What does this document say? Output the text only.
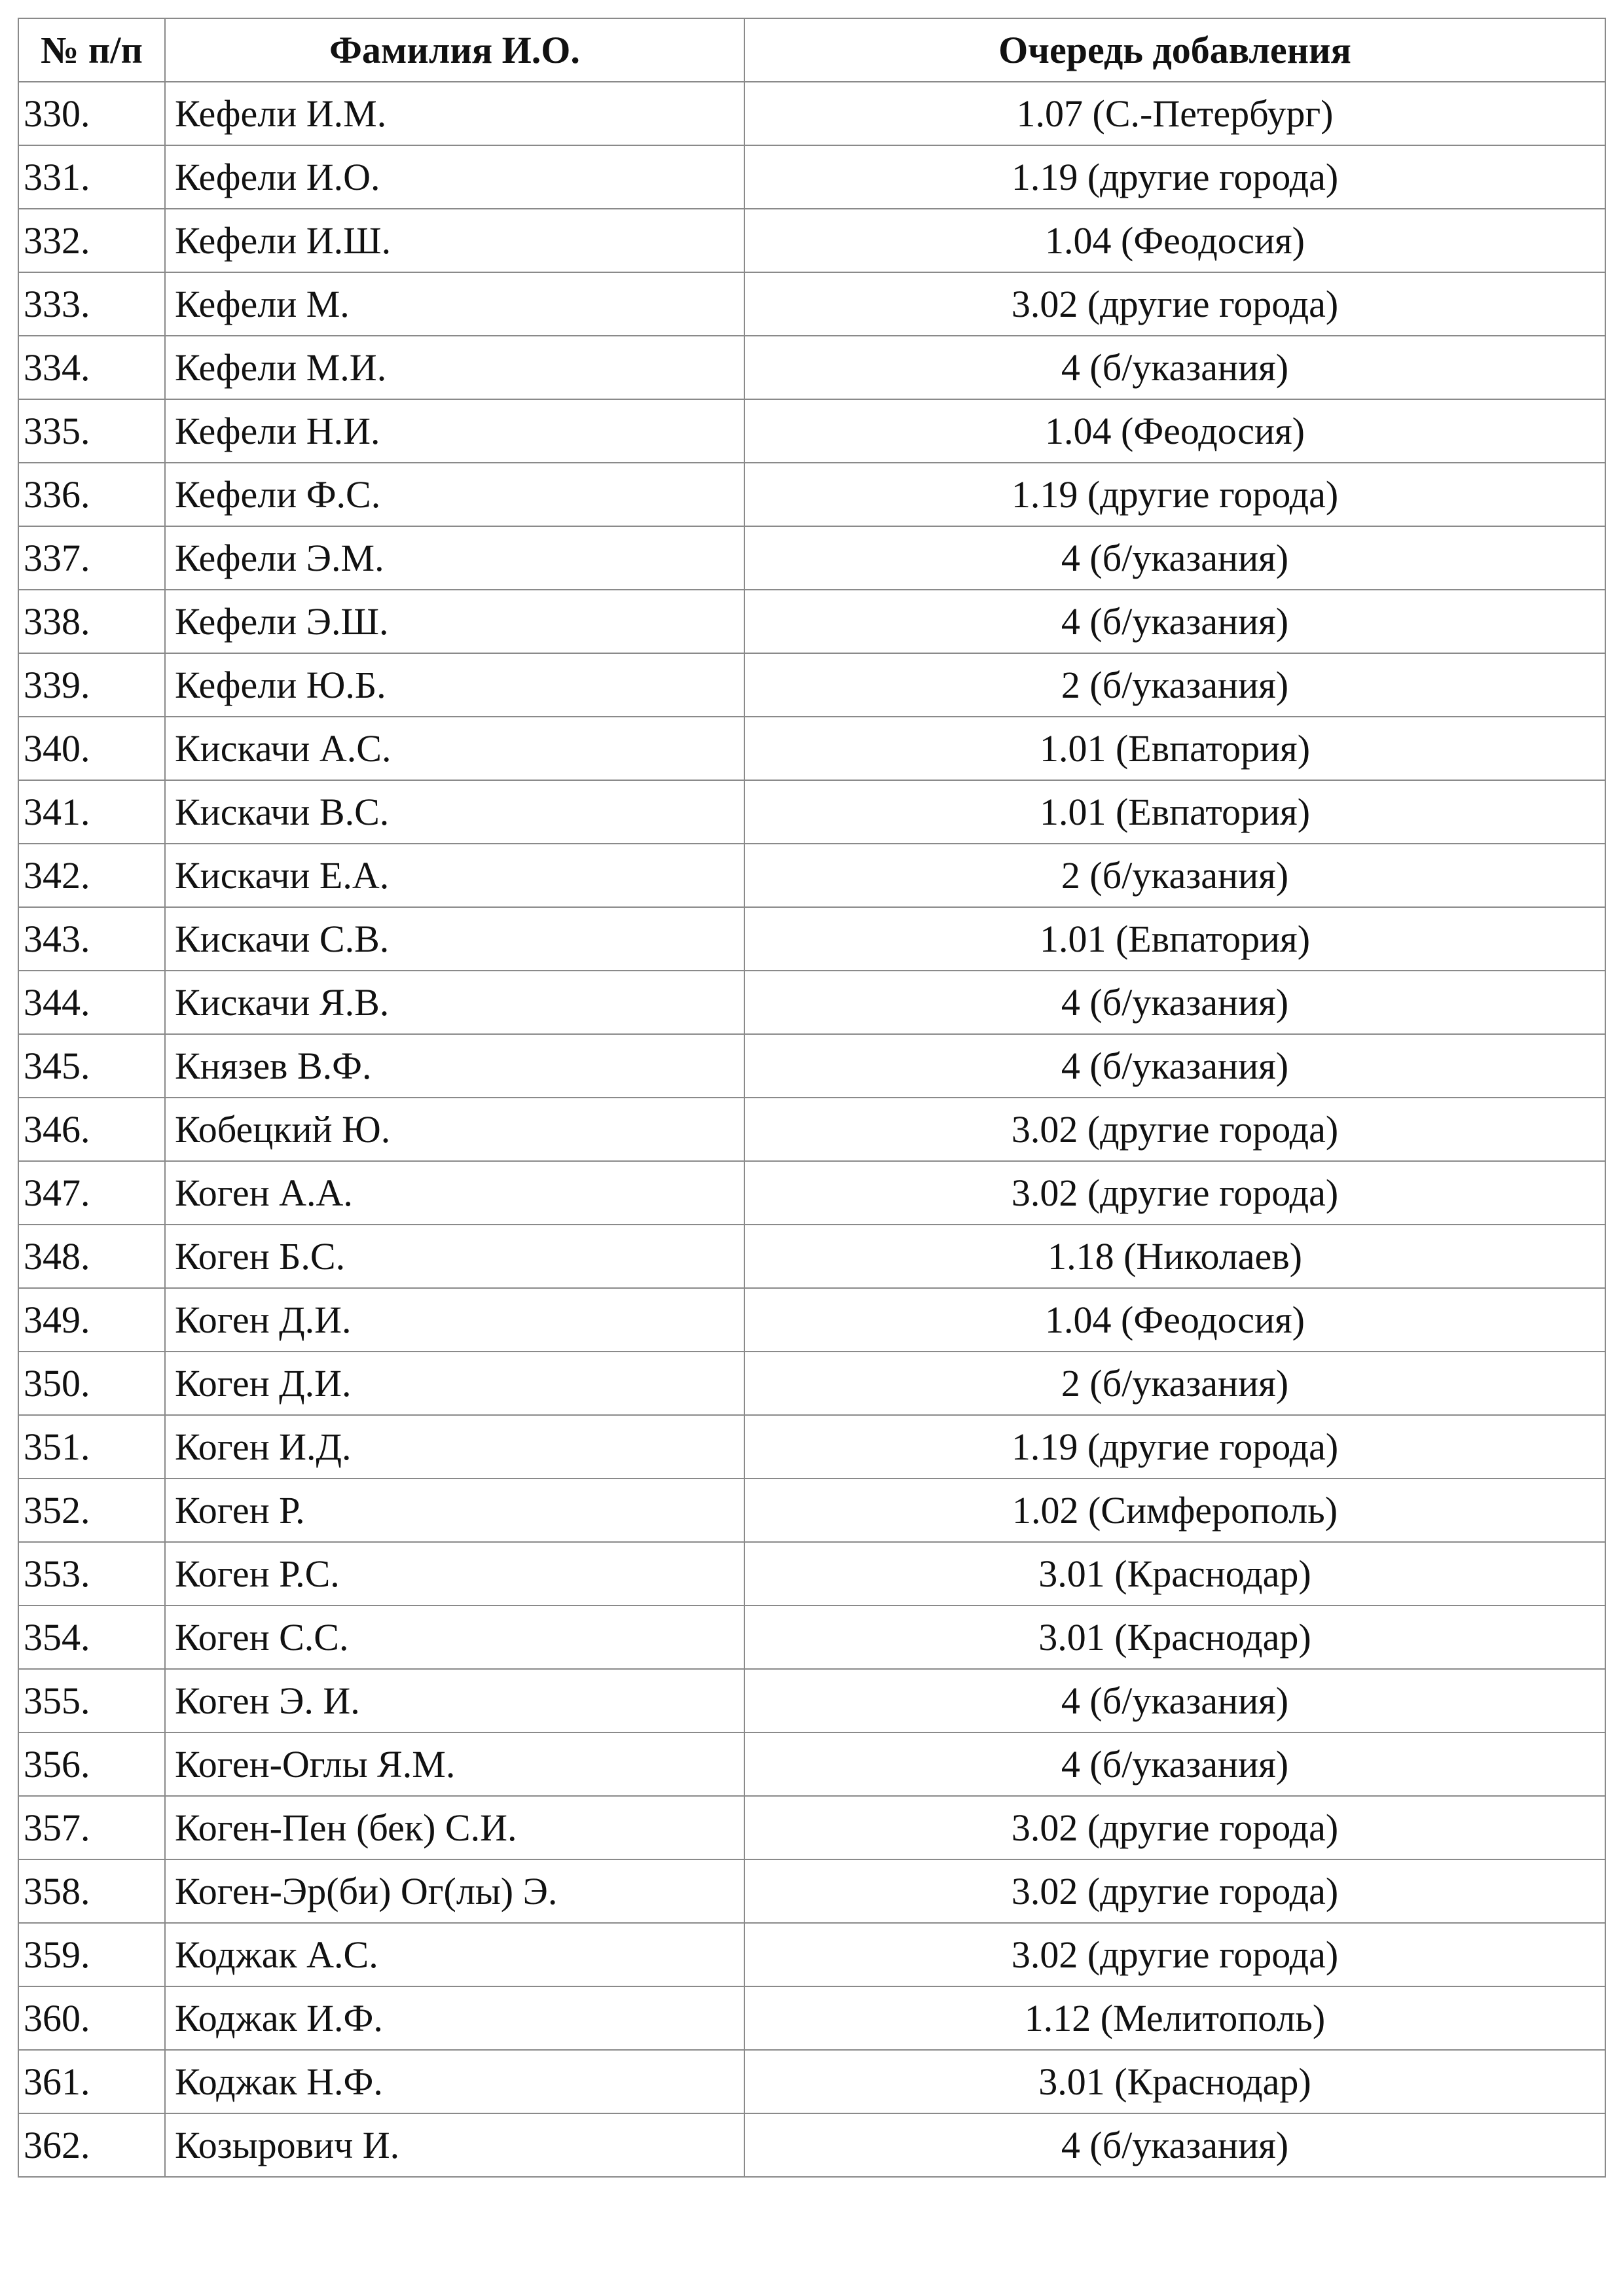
№ п/п	Фамилия И.О.	Очередь добавления
330.	Кефели И.М.	1.07 (С.-Петербург)
331.	Кефели И.О.	1.19 (другие города)
332.	Кефели И.Ш.	1.04 (Феодосия)
333.	Кефели М.	3.02 (другие города)
334.	Кефели М.И.	4 (б/указания)
335.	Кефели Н.И.	1.04 (Феодосия)
336.	Кефели Ф.С.	1.19 (другие города)
337.	Кефели Э.М.	4 (б/указания)
338.	Кефели Э.Ш.	4 (б/указания)
339.	Кефели Ю.Б.	2 (б/указания)
340.	Кискачи А.С.	1.01 (Евпатория)
341.	Кискачи В.С.	1.01 (Евпатория)
342.	Кискачи Е.А.	2 (б/указания)
343.	Кискачи С.В.	1.01 (Евпатория)
344.	Кискачи Я.В.	4 (б/указания)
345.	Князев В.Ф.	4 (б/указания)
346.	Кобецкий Ю.	3.02 (другие города)
347.	Коген А.А.	3.02 (другие города)
348.	Коген Б.С.	1.18 (Николаев)
349.	Коген Д.И.	1.04 (Феодосия)
350.	Коген Д.И.	2 (б/указания)
351.	Коген И.Д.	1.19 (другие города)
352.	Коген Р.	1.02 (Симферополь)
353.	Коген Р.С.	3.01 (Краснодар)
354.	Коген С.С.	3.01 (Краснодар)
355.	Коген Э. И.	4 (б/указания)
356.	Коген-Оглы Я.М.	4 (б/указания)
357.	Коген-Пен (бек) С.И.	3.02 (другие города)
358.	Коген-Эр(би) Ог(лы) Э.	3.02 (другие города)
359.	Коджак А.С.	3.02 (другие города)
360.	Коджак И.Ф.	1.12 (Мелитополь)
361.	Коджак Н.Ф.	3.01 (Краснодар)
362.	Козырович И.	4 (б/указания)
